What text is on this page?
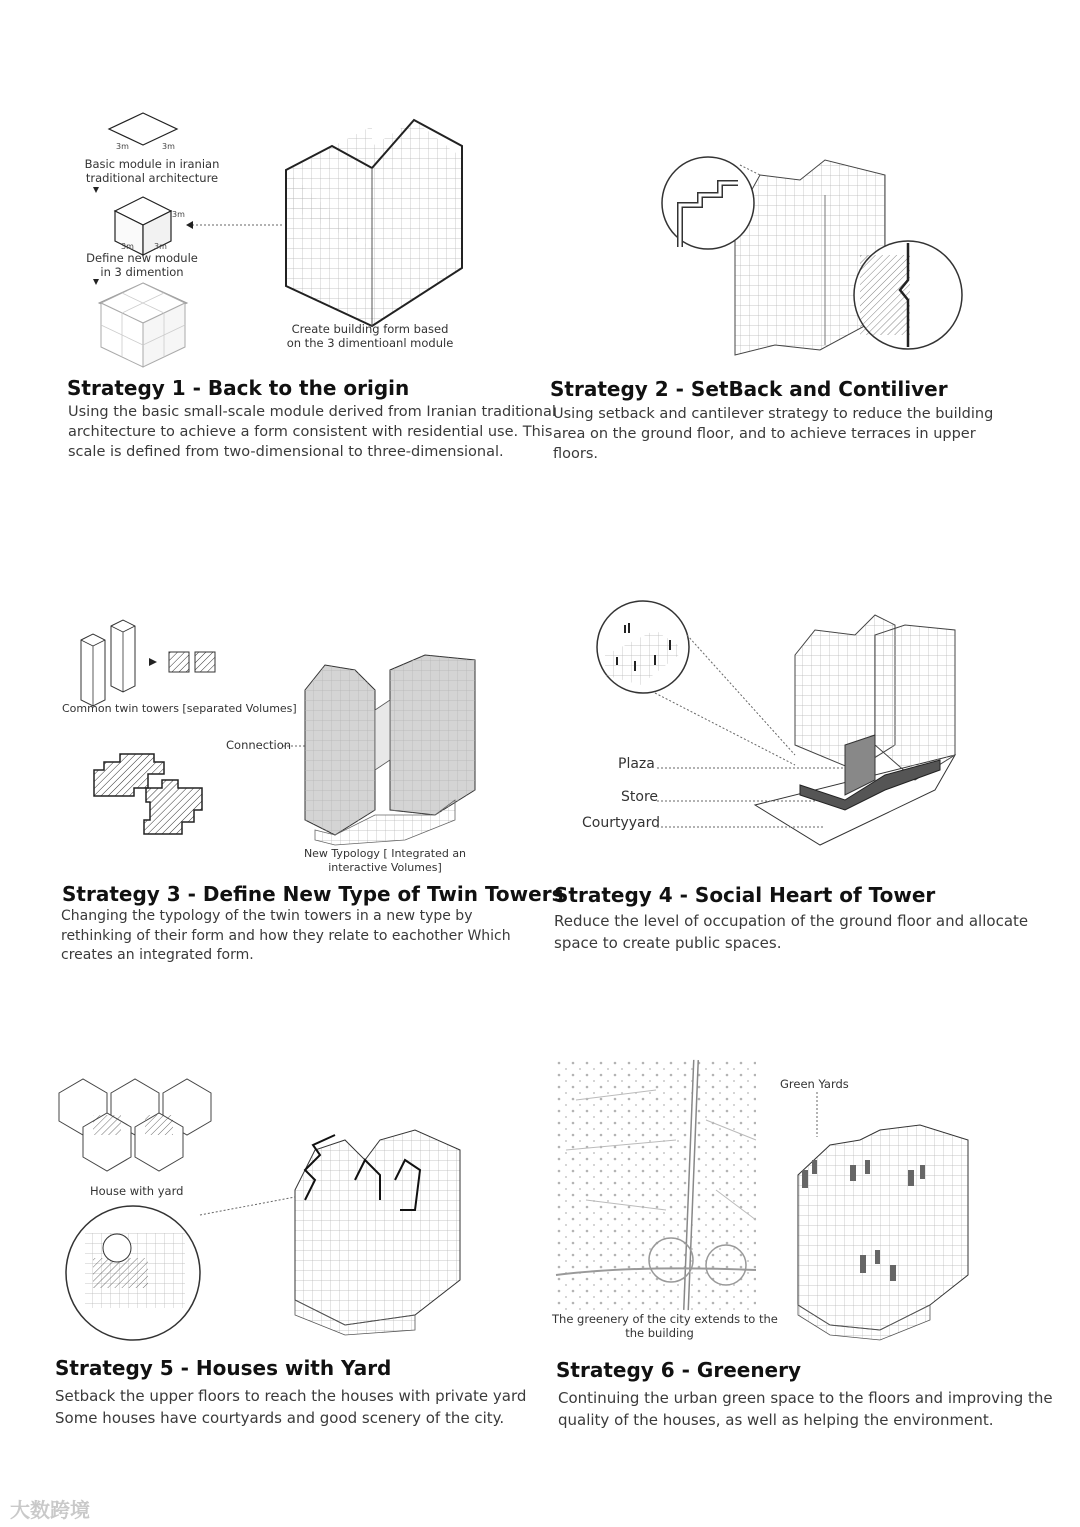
3m	3m
3m
3m	3m
Basic module in iranian
traditional architecture
Define new module
in 3 dimention
Create building form based
on the 3 dimentioanl module
Strategy 1 - Back to the origin
Using the basic small-scale module derived from Iranian traditional
architecture to achieve a form consistent with residential use. This
scale is defined from two-dimensional to three-dimensional.
Strategy 2 - SetBack and Contiliver
Using setback and cantilever strategy to reduce the building
area on the ground floor, and to achieve terraces in upper
floors.
Common twin towers [separated Volumes]
Connection
New Typology [ Integrated an
interactive Volumes]
Strategy 3 - Define New Type of Twin Towers
Changing the typology of the twin towers in a new type by
rethinking of their form and how they relate to eachother Which
creates an integrated form.
Plaza
Store
Courtyyard
Strategy 4 - Social Heart of Tower
Reduce the level of occupation of the ground floor and allocate
space to create public spaces.
House with yard
Strategy 5 - Houses with Yard
Setback the upper floors to reach the houses with private yard
Some houses have courtyards and good scenery of the city.
The greenery of the city extends to the
the building
Green Yards
Strategy 6 - Greenery
Continuing the urban green space to the floors and improving the
quality of the houses, as well as helping the environment.
大数跨境
